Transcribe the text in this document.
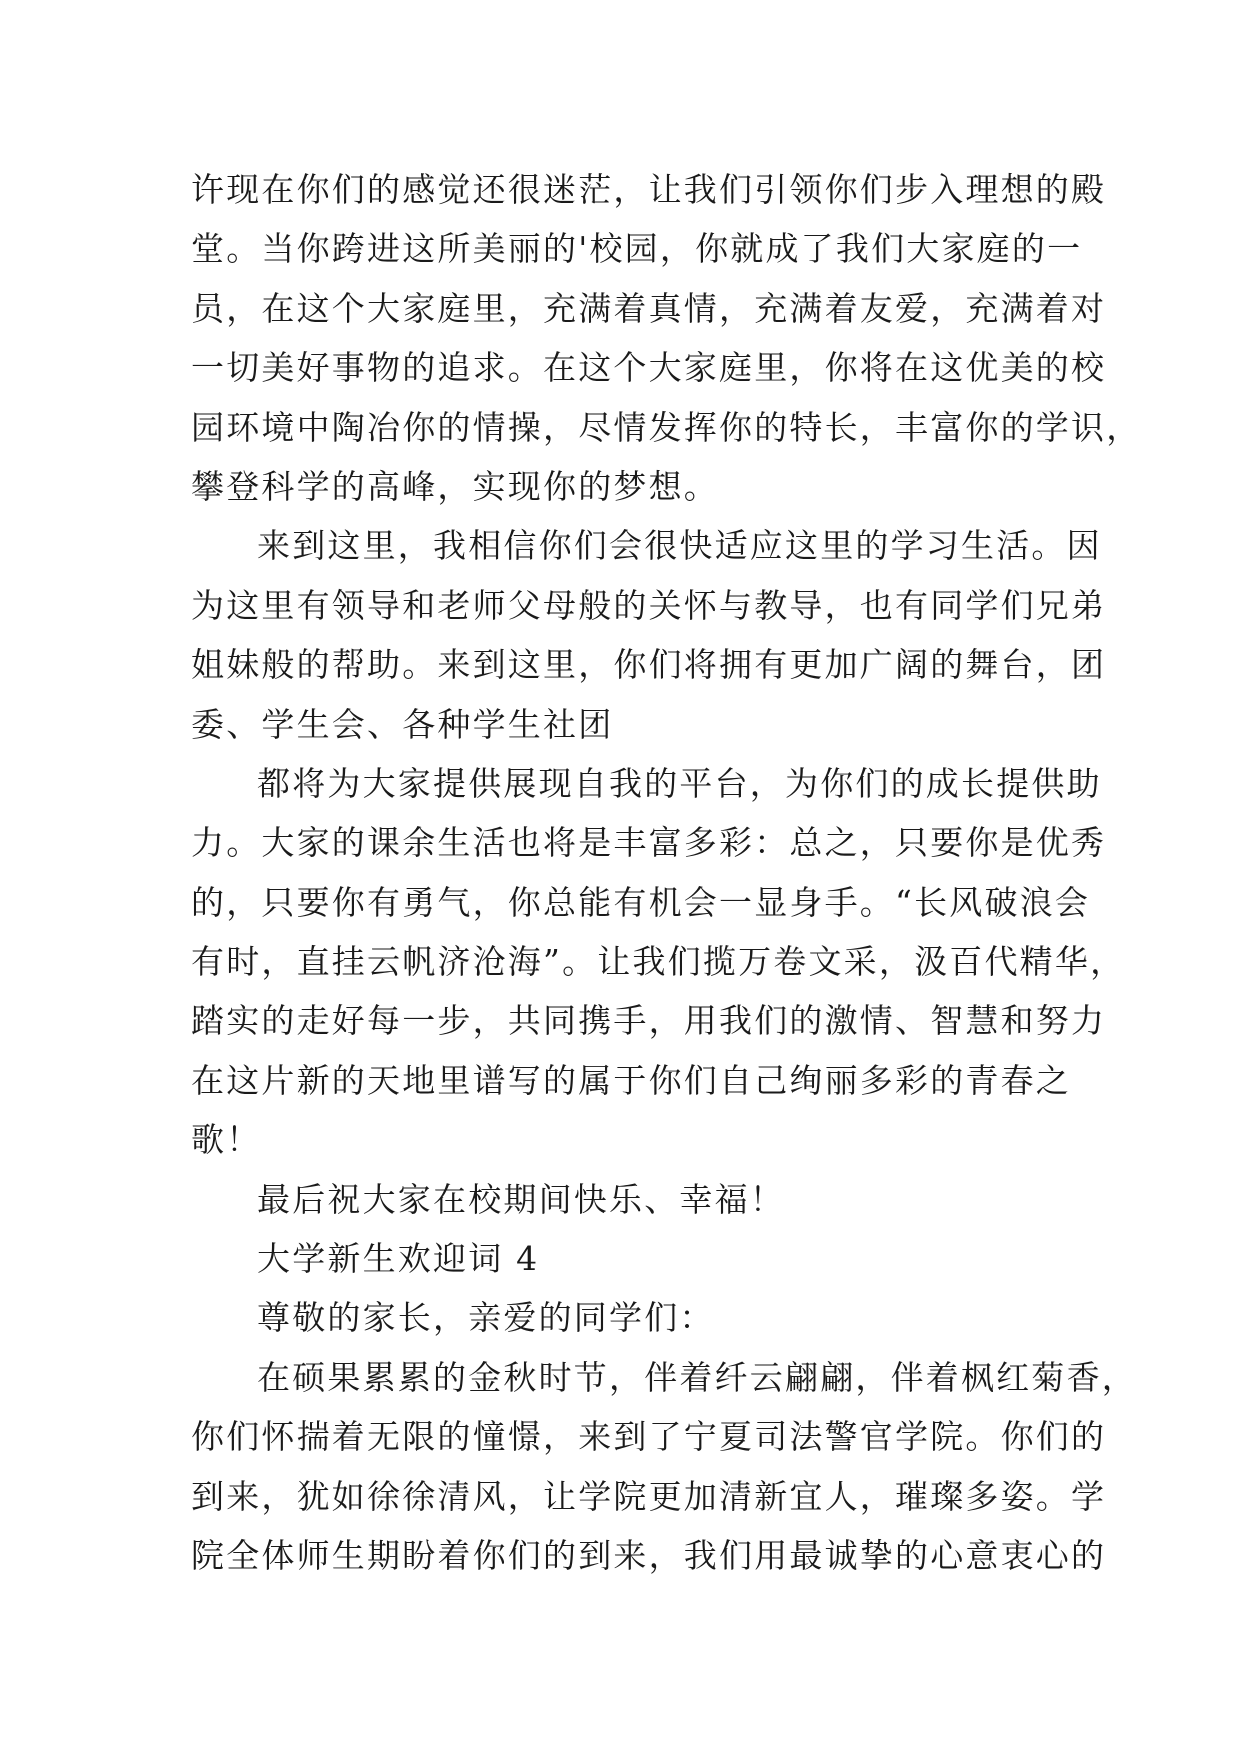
许现在你们的感觉还很迷茫，让我们引领你们步入理想的殿
堂。当你跨进这所美丽的'校园，你就成了我们大家庭的一
员，在这个大家庭里，充满着真情，充满着友爱，充满着对
一切美好事物的追求。在这个大家庭里，你将在这优美的校
园环境中陶冶你的情操，尽情发挥你的特长，丰富你的学识，
攀登科学的高峰，实现你的梦想。
来到这里，我相信你们会很快适应这里的学习生活。因
为这里有领导和老师父母般的关怀与教导，也有同学们兄弟
姐妹般的帮助。来到这里，你们将拥有更加广阔的舞台，团
委、学生会、各种学生社团
都将为大家提供展现自我的平台，为你们的成长提供助
力。大家的课余生活也将是丰富多彩：总之，只要你是优秀
的，只要你有勇气，你总能有机会一显身手。“长风破浪会
有时，直挂云帆济沧海”。让我们揽万卷文采，汲百代精华，
踏实的走好每一步，共同携手，用我们的激情、智慧和努力
在这片新的天地里谱写的属于你们自己绚丽多彩的青春之
歌！
最后祝大家在校期间快乐、幸福！
大学新生欢迎词 4
尊敬的家长，亲爱的同学们：
在硕果累累的金秋时节，伴着纤云翩翩，伴着枫红菊香，
你们怀揣着无限的憧憬，来到了宁夏司法警官学院。你们的
到来，犹如徐徐清风，让学院更加清新宜人，璀璨多姿。学
院全体师生期盼着你们的到来，我们用最诚挚的心意衷心的
